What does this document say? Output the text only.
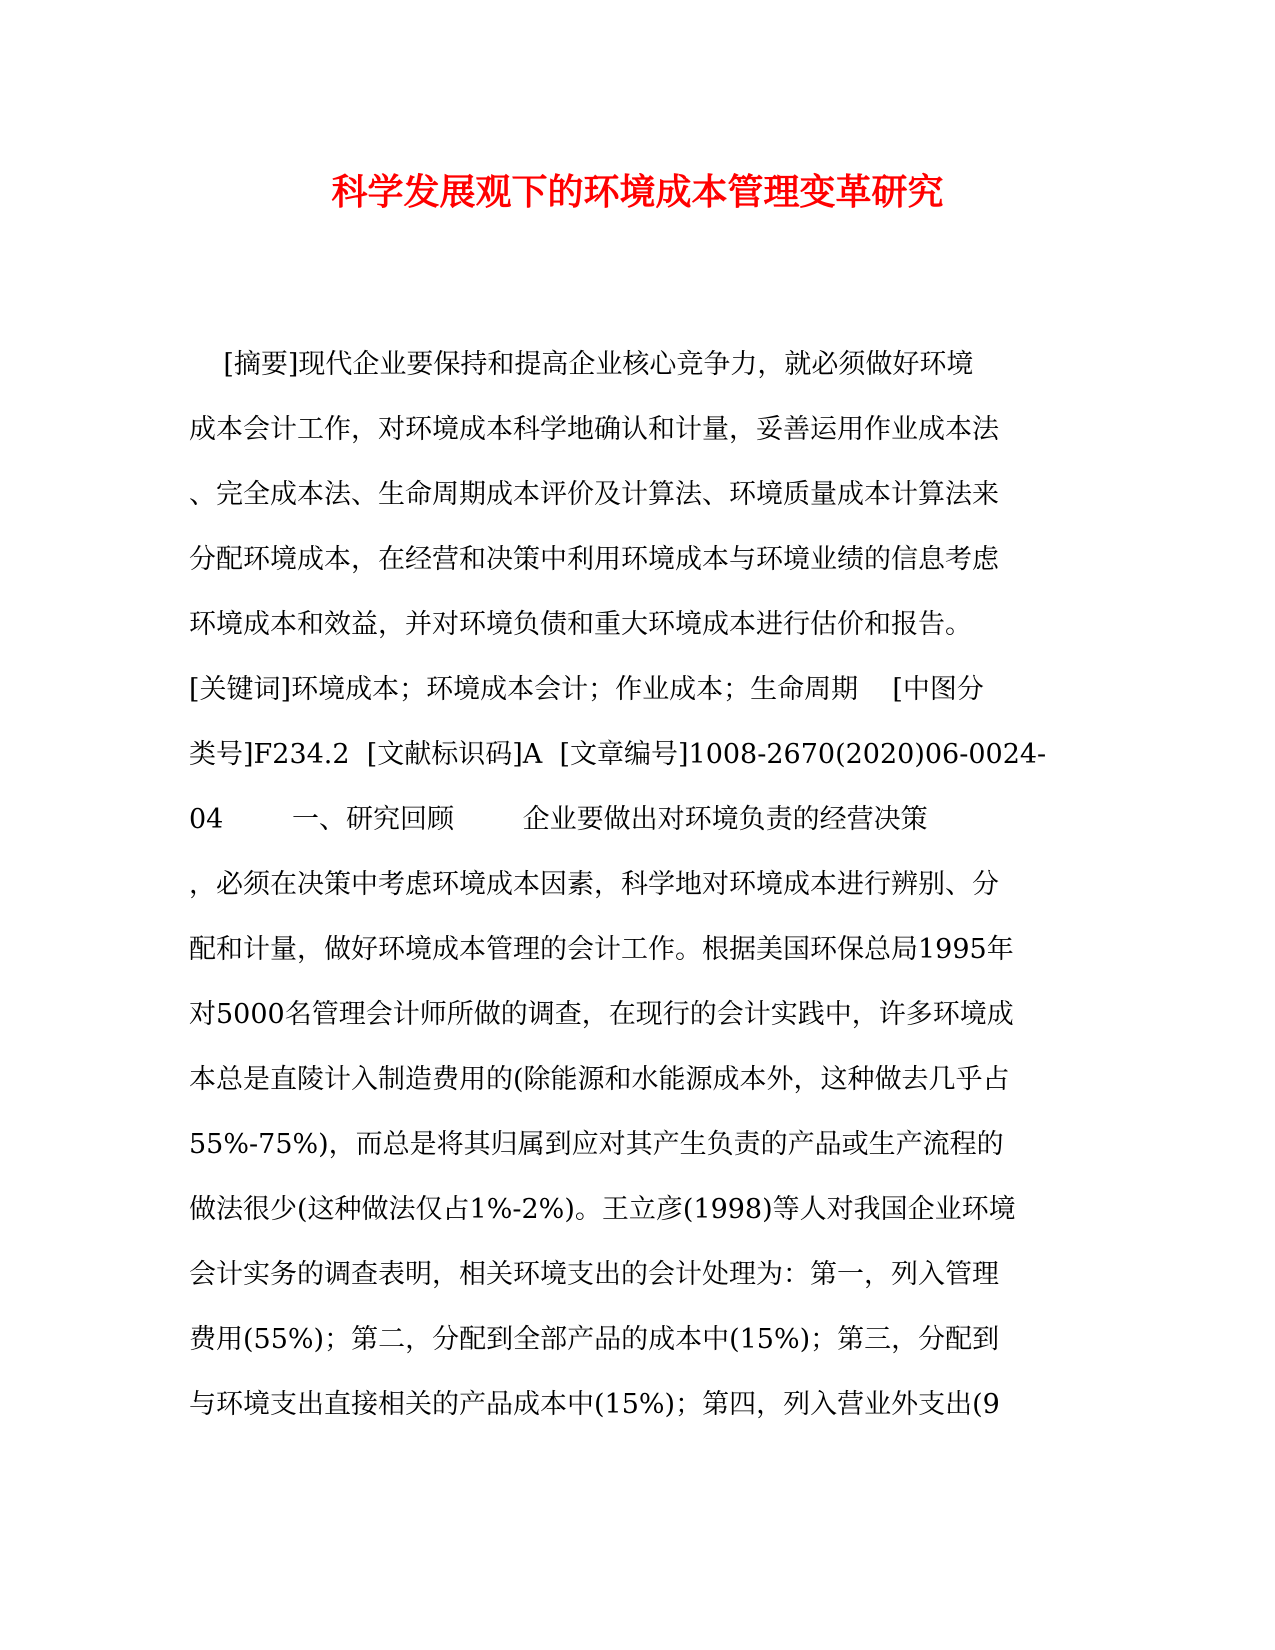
科学发展观下的环境成本管理变革研究
[摘要]现代企业要保持和提高企业核心竞争力，就必须做好环境
成本会计工作，对环境成本科学地确认和计量，妥善运用作业成本法
、完全成本法、生命周期成本评价及计算法、环境质量成本计算法来
分配环境成本，在经营和决策中利用环境成本与环境业绩的信息考虑
环境成本和效益，并对环境负债和重大环境成本进行估价和报告。
[关键词]环境成本；环境成本会计；作业成本；生命周期    [中图分
类号]F234.2  [文献标识码]A  [文章编号]1008-2670(2020)06-0024-
04        一、研究回顾        企业要做出对环境负责的经营决策
，必须在决策中考虑环境成本因素，科学地对环境成本进行辨别、分
配和计量，做好环境成本管理的会计工作。根据美国环保总局1995年
对5000名管理会计师所做的调查，在现行的会计实践中，许多环境成
本总是直陵计入制造费用的(除能源和水能源成本外，这种做去几乎占
55%-75%)，而总是将其归属到应对其产生负责的产品或生产流程的
做法很少(这种做法仅占1%-2%)。王立彦(1998)等人对我国企业环境
会计实务的调查表明，相关环境支出的会计处理为：第一，列入管理
费用(55%)；第二，分配到全部产品的成本中(15%)；第三，分配到
与环境支出直接相关的产品成本中(15%)；第四，列入营业外支出(9
